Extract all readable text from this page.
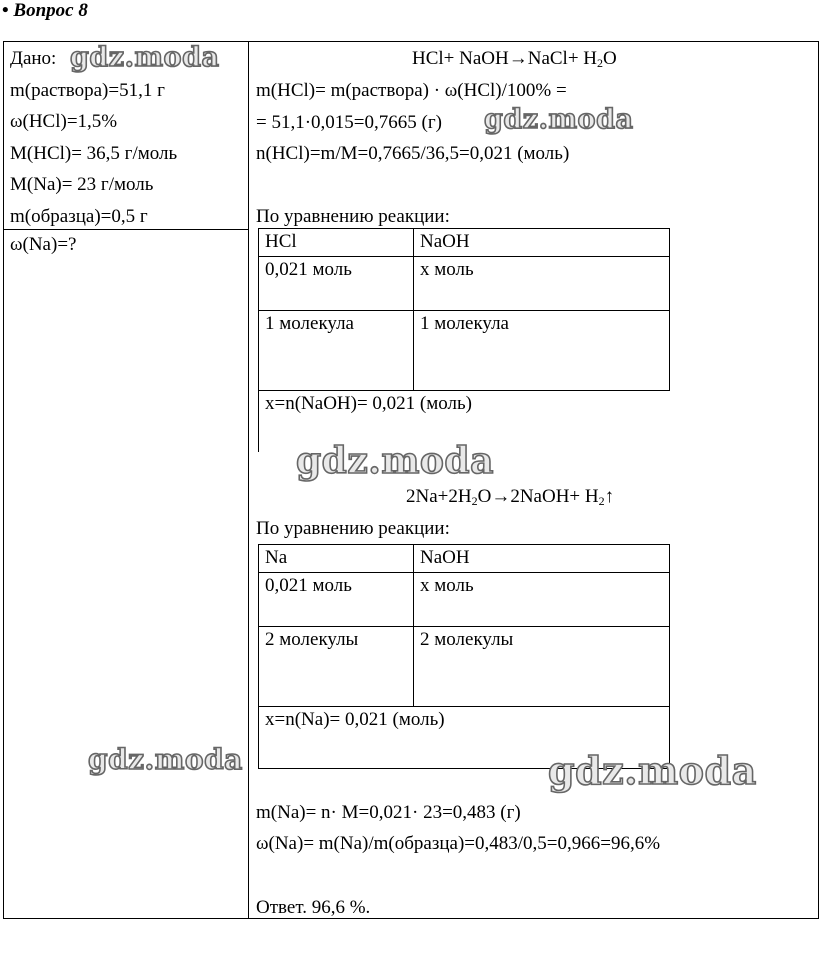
• Вопрос 8
Дано:
m(раствора)=51,1 г
ω(HCl)=1,5%
M(HCl)= 36,5 г/моль
M(Na)= 23 г/моль
m(образца)=0,5 г
ω(Na)=?
HCl+ NaOH→NaCl+ $H_2O$
m(HCl)= m(раствора) · ω(HCl)/100% =
= 51,1·0,015=0,7665 (г)
n(HCl)=m/M=0,7665/36,5=0,021 (моль)
По уравнению реакции:
HCl	NaOH
0,021 моль	x моль
1 молекула	1 молекула
x=n(NaOH)= 0,021 (моль)	
$2Na+2H_2O\to 2NaOH+$ $H_2↑$
По уравнению реакции:
Na	NaOH
0,021 моль	x моль
2 молекулы	2 молекулы
x=n(Na)= 0,021 (моль)	
m(Na)= n· M=0,021· 23=0,483 (г)
ω(Na)= m(Na)/m(образца)=0,483/0,5=0,966=96,6%
Ответ. 96,6 %.
gdz.moda
gdz.moda
gdz.moda
gdz.moda	gdz.moda
